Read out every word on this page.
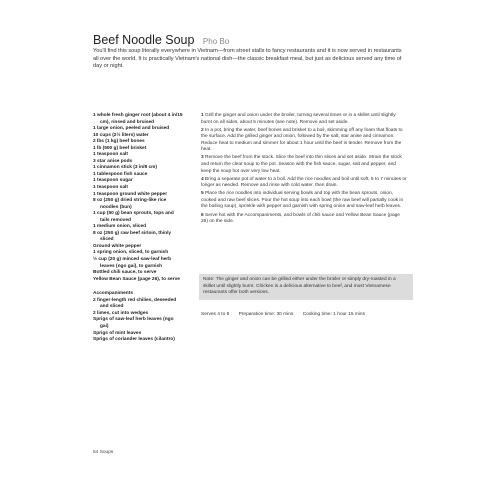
Beef Noodle Soup Pho Bo

You'll find this soup literally everywhere in Vietnam—from street stalls to fancy restaurants and it is now served in restaurants all over the world. It is practically Vietnam's national dish—the classic breakfast meal, but just as delicious served any time of day or night.

1 whole fresh ginger root (about 4 in/15 cm), rinsed and bruised

1 large onion, peeled and bruised

10 cups (2½ liters) water

2 lbs (1 kg) beef bones

1 lb (500 g) beef brisket

1 teaspoon salt

3 star anise pods

1 cinnamon stick (3 in/8 cm)

1 tablespoon fish sauce

1 teaspoon sugar

1 teaspoon salt

1 teaspoon ground white pepper

8 oz (250 g) dried string-like rice noodles (bun)

1 cup (50 g) bean sprouts, tops and tails removed

1 medium onion, sliced

8 oz (250 g) raw beef sirloin, thinly sliced

Ground white pepper

1 spring onion, sliced, to garnish

½ cup (20 g) minced saw-leaf herb leaves (ngo gai), to garnish

Bottled chili sauce, to serve

Yellow Bean Sauce (page 26), to serve

Accompaniments

2 finger-length red chilies, deseeded and sliced

2 limes, cut into wedges

Sprigs of saw-leaf herb leaves (ngo gai)

Sprigs of mint leaves

Sprigs of coriander leaves (cilantro)

1 Grill the ginger and onion under the broiler, turning several times or in a skillet until slightly burnt on all sides, about 5 minutes (see note). Remove and set aside.

2 In a pot, bring the water, beef bones and brisket to a boil, skimming off any foam that floats to the surface. Add the grilled ginger and onion, followed by the salt, star anise and cinnamon. Reduce heat to medium and simmer for about 1 hour until the beef is tender. Remove from the heat.

3 Remove the beef from the stock. Slice the beef into thin slices and set aside. Strain the stock and return the clear soup to the pot. Season with the fish sauce, sugar, salt and pepper, and keep the soup hot over very low heat.

4 Bring a separate pot of water to a boil. Add the rice noodles and boil until soft, 5 to 7 minutes or longer as needed. Remove and rinse with cold water, then drain.

5 Place the rice noodles into individual serving bowls and top with the bean sprouts, onion, cooked and raw beef slices. Pour the hot soup into each bowl (the raw beef will partially cook in the boiling soup), sprinkle with pepper and garnish with spring onion and saw-leaf herb leaves.

6 Serve hot with the Accompaniments, and bowls of chili sauce and Yellow Bean Sauce (page 26) on the side.

Note: The ginger and onion can be grilled either under the broiler or simply dry-roasted in a skillet until slightly burnt. Chicken is a delicious alternative to beef, and most Vietnamese restaurants offer both versions.
Serves 4 to 6 Preparation time: 30 mins Cooking time: 1 hour 15 mins
54 Soups
